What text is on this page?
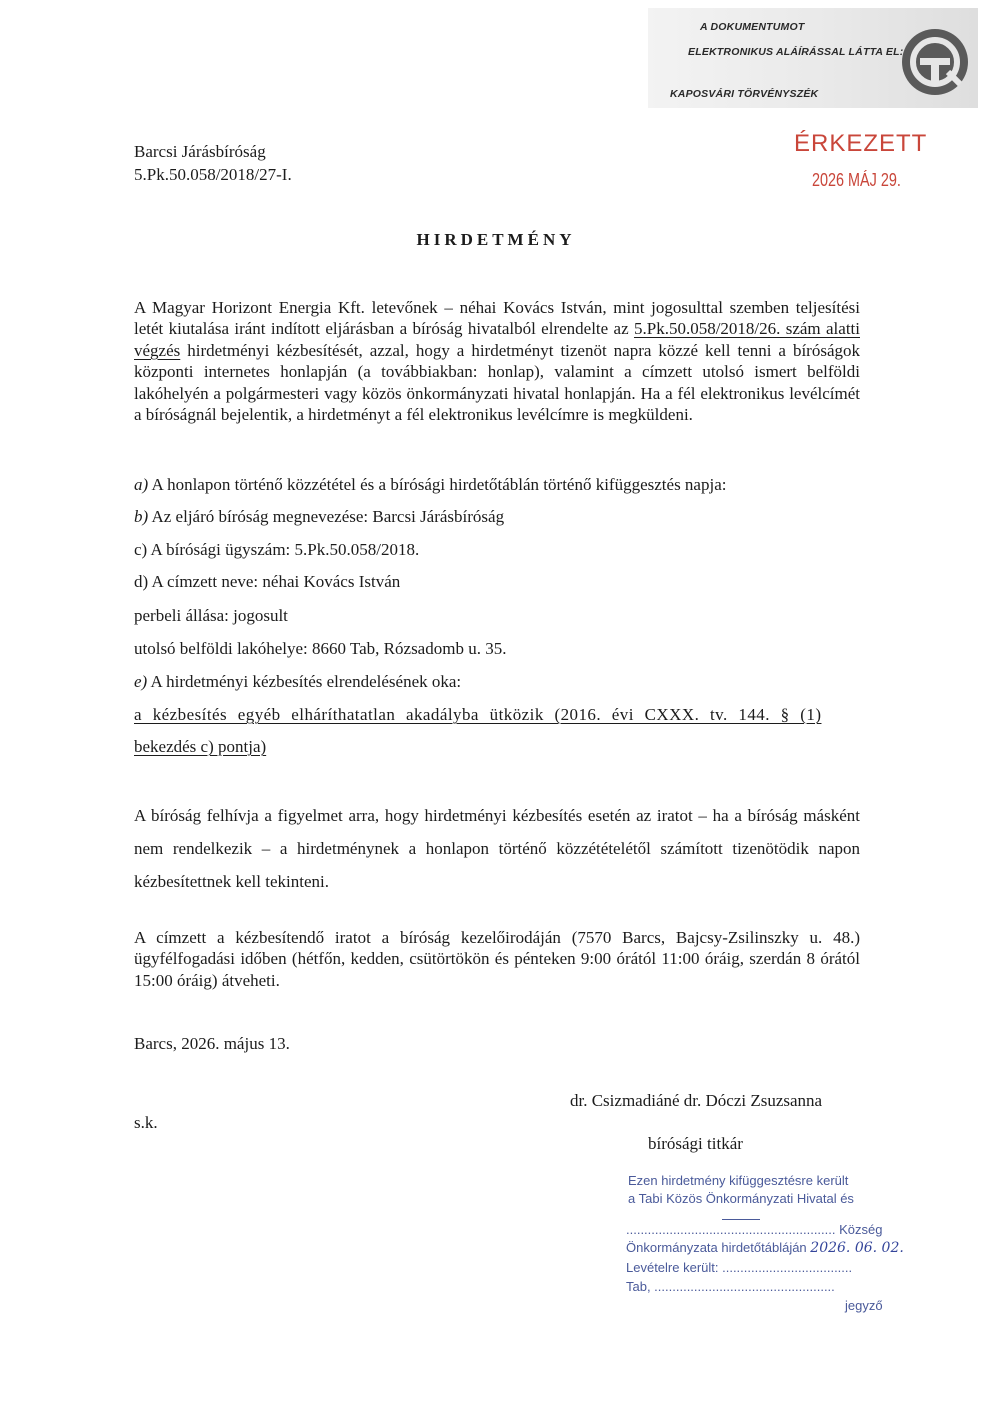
A DOKUMENTUMOT
ELEKTRONIKUS ALÁÍRÁSSAL LÁTTA EL:
KAPOSVÁRI TÖRVÉNYSZÉK
Barcsi Járásbíróság
5.Pk.50.058/2018/27-I.
ÉRKEZETT
2026 MÁJ 29.
HIRDETMÉNY

A Magyar Horizont Energia Kft. letevőnek – néhai Kovács István, mint jogosulttal szemben teljesítési letét kiutalása iránt indított eljárásban a bíróság hivatalból elrendelte az 5.Pk.50.058/2018/26. szám alatti végzés hirdetményi kézbesítését, azzal, hogy a hirdetményt tizenöt napra közzé kell tenni a bíróságok központi internetes honlapján (a továbbiakban: honlap), valamint a címzett utolsó ismert belföldi lakóhelyén a polgármesteri vagy közös önkormányzati hivatal honlapján. Ha a fél elektronikus levélcímét a bíróságnál bejelentik, a hirdetményt a fél elektronikus levélcímre is megküldeni.

a) A honlapon történő közzététel és a bírósági hirdetőtáblán történő kifüggesztés napja:
b) Az eljáró bíróság megnevezése: Barcsi Járásbíróság
c) A bírósági ügyszám: 5.Pk.50.058/2018.
d) A címzett neve: néhai Kovács István
perbeli állása: jogosult
utolsó belföldi lakóhelye: 8660 Tab, Rózsadomb u. 35.
e) A hirdetményi kézbesítés elrendelésének oka:
a kézbesítés egyéb elháríthatatlan akadályba ütközik (2016. évi CXXX. tv. 144. § (1)
bekezdés c) pontja)

A bíróság felhívja a figyelmet arra, hogy hirdetményi kézbesítés esetén az iratot – ha a bíróság másként nem rendelkezik – a hirdetménynek a honlapon történő közzétételétől számított tizenötödik napon kézbesítettnek kell tekinteni.

A címzett a kézbesítendő iratot a bíróság kezelőirodáján (7570 Barcs, Bajcsy-Zsilinszky u. 48.) ügyfélfogadási időben (hétfőn, kedden, csütörtökön és pénteken 9:00 órától 11:00 óráig, szerdán 8 órától 15:00 óráig) átveheti.

Barcs, 2026. május 13.
dr. Csizmadiáné dr. Dóczi Zsuzsanna
s.k.
bírósági titkár
Ezen hirdetmény kifüggesztésre került
a Tabi Közös Önkormányzati Hivatal és
.......................................................... Község
Önkormányzata hirdetőtábláján 2026. 06. 02.
Levételre került: ....................................
Tab, ..................................................
jegyző
